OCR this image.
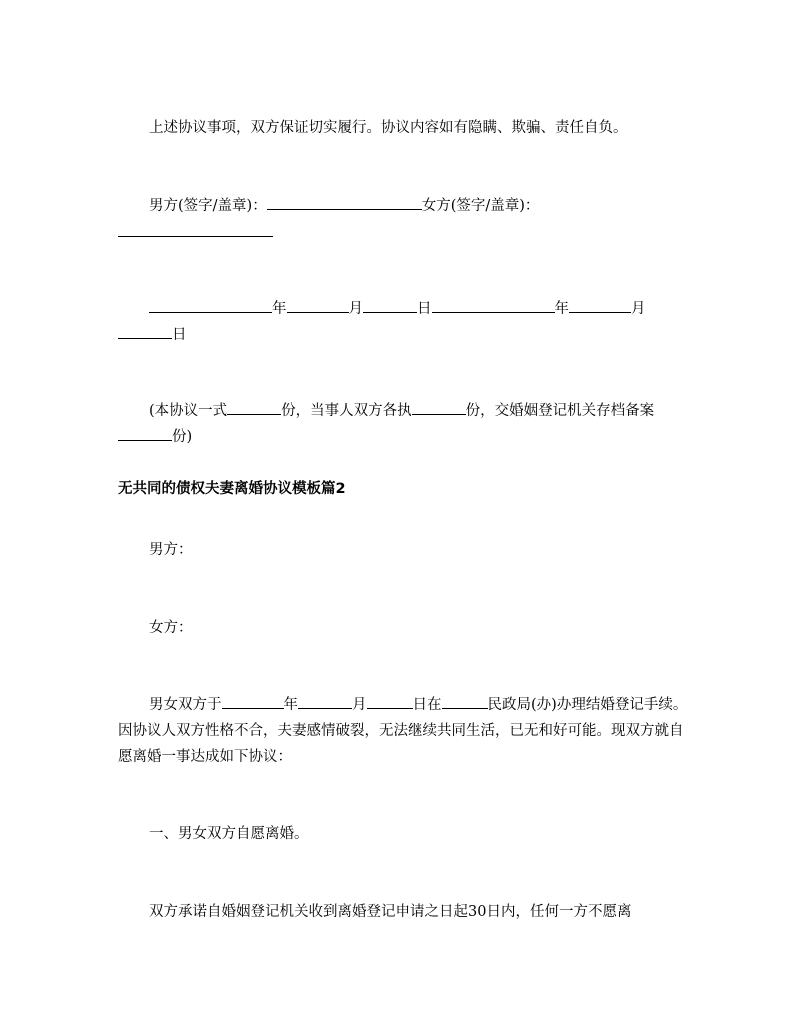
上述协议事项，双方保证切实履行。协议内容如有隐瞒、欺骗、责任自负。

男方(签字/盖章)：	女方(签字/盖章)：

年	月	日	年	月
日

(本协议一式	份，当事人双方各执	份，交婚姻登记机关存档备案份)

无共同的债权夫妻离婚协议模板篇2

男方：

女方：

男女双方于	年	月	日在	民政局(办)办理结婚登记手续。因协议人双方性格不合，夫妻感情破裂，无法继续共同生活，已无和好可能。现双方就自愿离婚一事达成如下协议：

一、男女双方自愿离婚。

双方承诺自婚姻登记机关收到离婚登记申请之日起30日内，任何一方不愿离
